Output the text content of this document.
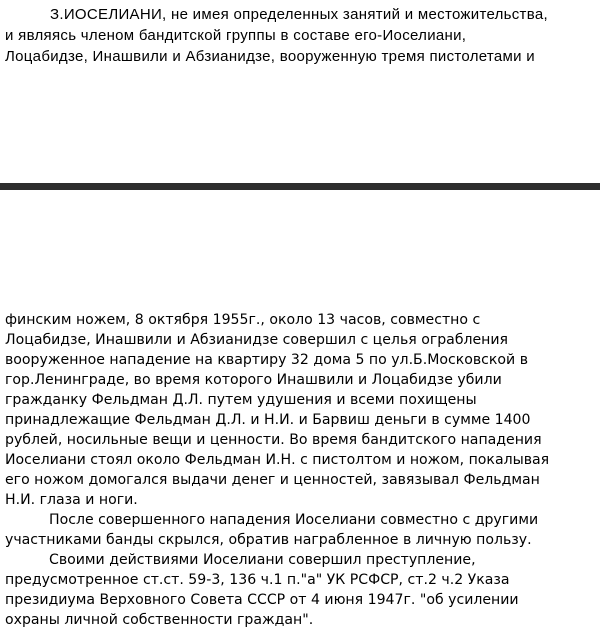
З.ИОСЕЛИАНИ, не имея определенных занятий и местожительства,
и являясь членом бандитской группы в составе его-Иоселиани,
Лоцабидзе, Инашвили и Абзианидзе, вооруженную тремя пистолетами и
финским ножем, 8 октября 1955г., около 13 часов, совместно с
Лоцабидзе, Инашвили и Абзианидзе совершил с целья ограбления
вооруженное нападение на квартиру 32 дома 5 по ул.Б.Московской в
гор.Ленинграде, во время которого Инашвили и Лоцабидзе убили
гражданку Фельдман Д.Л. путем удушения и всеми похищены
принадлежащие Фельдман Д.Л. и Н.И. и Барвиш деньги в сумме 1400
рублей, носильные вещи и ценности. Во время бандитского нападения
Иоселиани стоял около Фельдман И.Н. с пистолтом и ножом, покалывая
его ножом домогался выдачи денег и ценностей, завязывал Фельдман
Н.И. глаза и ноги.
После совершенного нападения Иоселиани совместно с другими
участниками банды скрылся, обратив награбленное в личную пользу.
Своими действиями Иоселиани совершил преступление,
предусмотренное ст.ст. 59-3, 136 ч.1 п."а" УК РСФСР, ст.2 ч.2 Указа
президиума Верховного Совета СССР от 4 июня 1947г. "об усилении
охраны личной собственности граждан".
